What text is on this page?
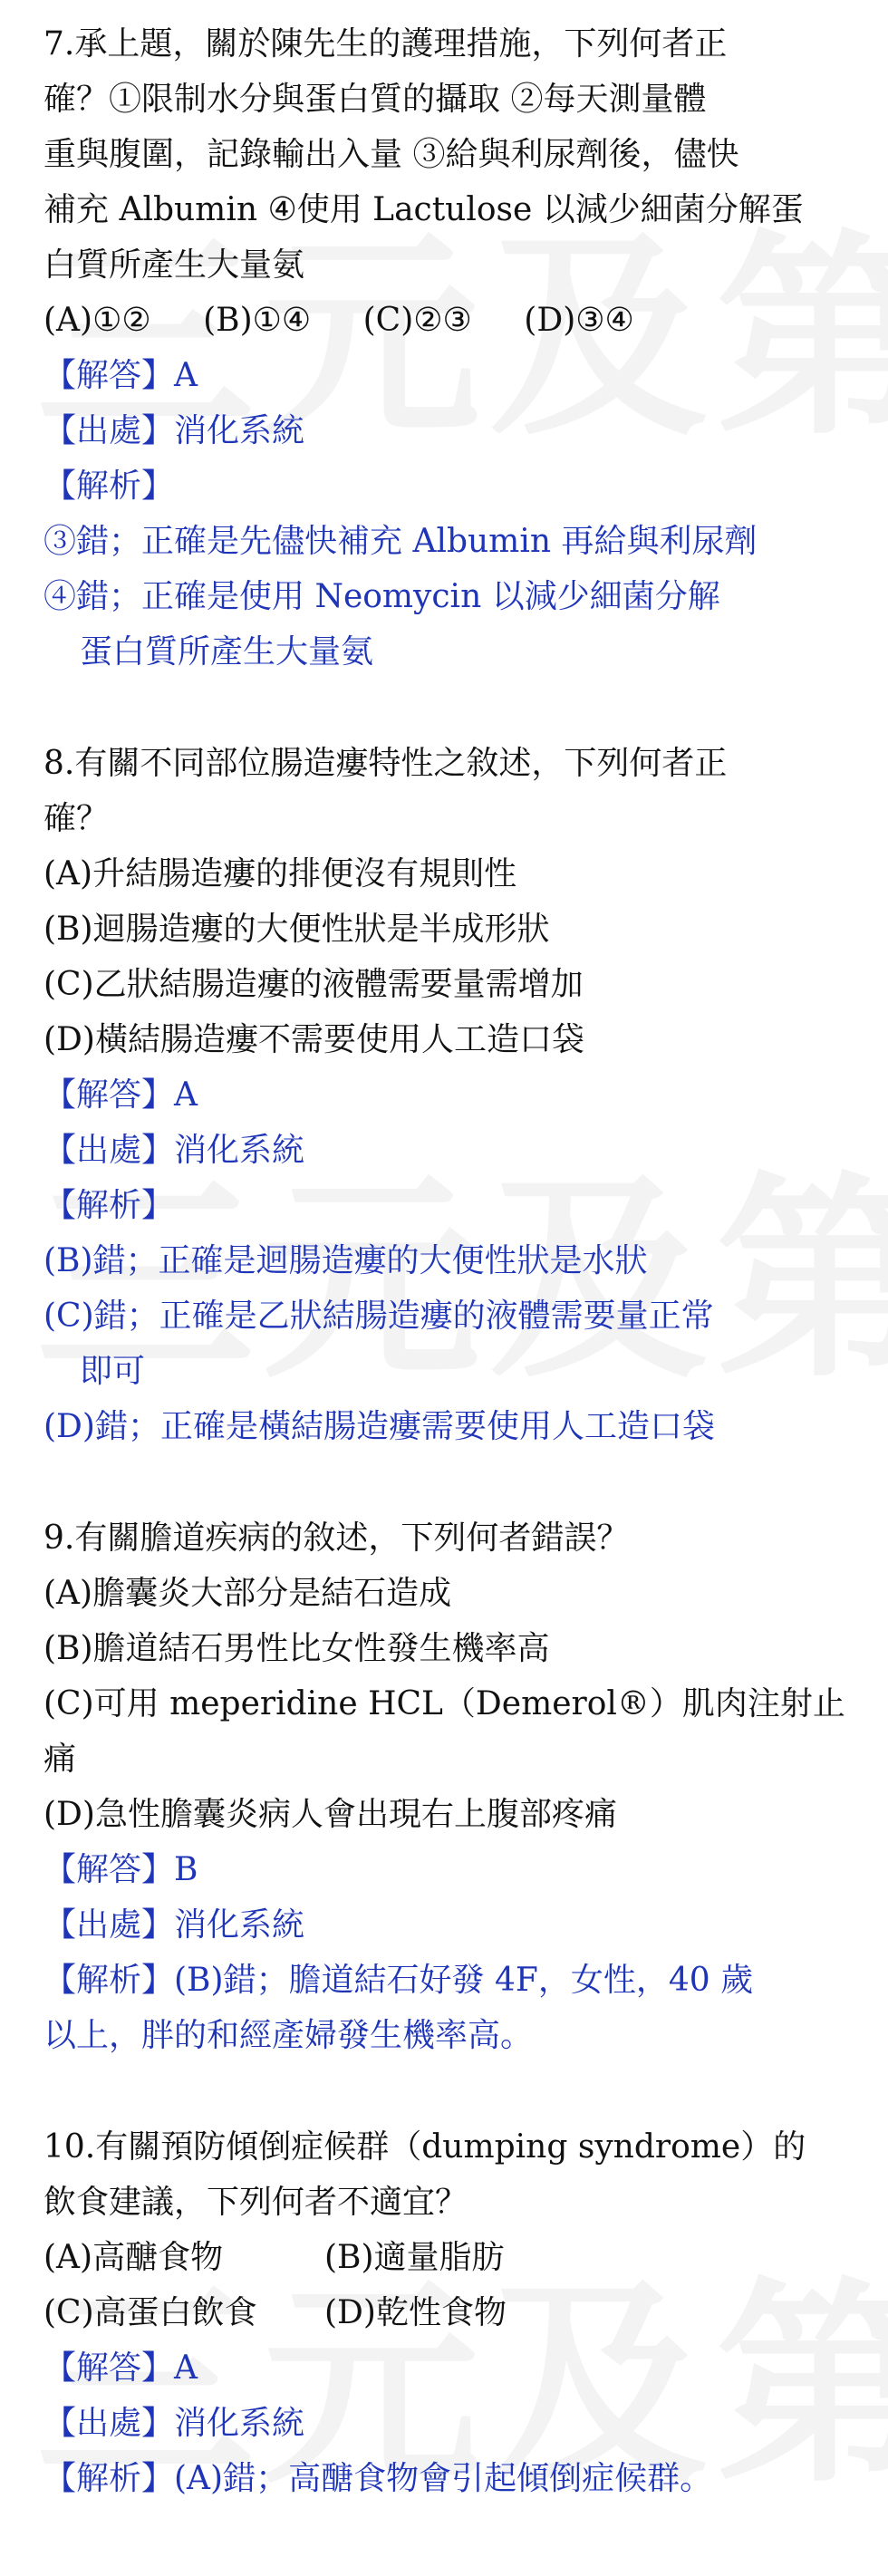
7.承上題，關於陳先生的護理措施，下列何者正

確？①限制水分與蛋白質的攝取 ②每天測量體

重與腹圍，記錄輸出入量 ③給與利尿劑後，儘快

補充 Albumin ④使用 Lactulose 以減少細菌分解蛋

白質所產生大量氨

(A)①② (B)①④ (C)②③ (D)③④

【解答】A

【出處】消化系統

【解析】

③錯；正確是先儘快補充 Albumin 再給與利尿劑

④錯；正確是使用 Neomycin 以減少細菌分解

蛋白質所產生大量氨

8.有關不同部位腸造瘻特性之敘述，下列何者正

確？

(A)升結腸造瘻的排便沒有規則性

(B)迴腸造瘻的大便性狀是半成形狀

(C)乙狀結腸造瘻的液體需要量需增加

(D)橫結腸造瘻不需要使用人工造口袋

【解答】A

【出處】消化系統

【解析】

(B)錯；正確是迴腸造瘻的大便性狀是水狀

(C)錯；正確是乙狀結腸造瘻的液體需要量正常

即可

(D)錯；正確是橫結腸造瘻需要使用人工造口袋

9.有關膽道疾病的敘述，下列何者錯誤？

(A)膽囊炎大部分是結石造成

(B)膽道結石男性比女性發生機率高

(C)可用 meperidine HCL（Demerol®）肌肉注射止

痛

(D)急性膽囊炎病人會出現右上腹部疼痛

【解答】B

【出處】消化系統

【解析】(B)錯；膽道結石好發 4F，女性，40 歲

以上，胖的和經產婦發生機率高。

10.有關預防傾倒症候群（dumping syndrome）的

飲食建議，下列何者不適宜？

(A)高醣食物	(B)適量脂肪

(C)高蛋白飲食 (D)乾性食物

【解答】A

【出處】消化系統

【解析】(A)錯；高醣食物會引起傾倒症候群。
